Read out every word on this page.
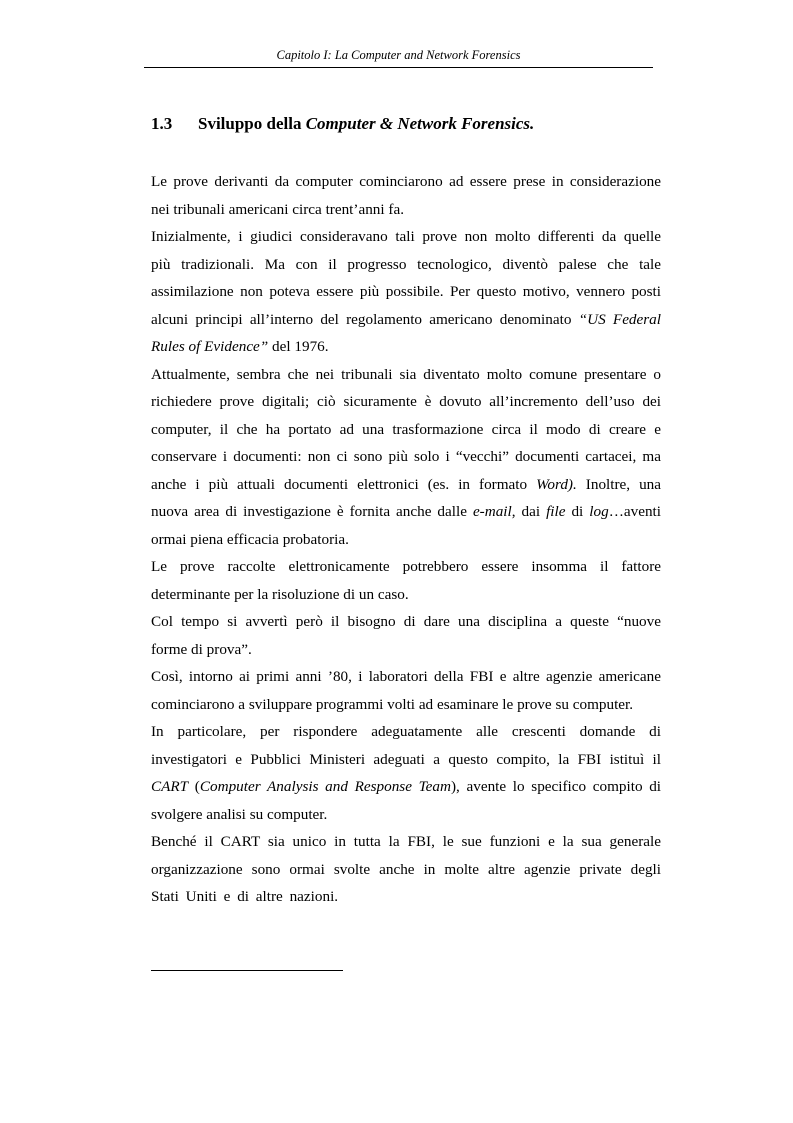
Capitolo I: La Computer and Network Forensics
1.3 Sviluppo della Computer & Network Forensics.

Le prove derivanti da computer cominciarono ad essere prese in considerazione
nei tribunali americani circa trent’anni fa.

Inizialmente, i giudici consideravano tali prove non molto differenti da quelle
più tradizionali. Ma con il progresso tecnologico, diventò palese che tale
assimilazione non poteva essere più possibile. Per questo motivo, vennero posti
alcuni principi all’interno del regolamento americano denominato “US Federal
Rules of Evidence” del 1976.

Attualmente, sembra che nei tribunali sia diventato molto comune presentare o
richiedere prove digitali; ciò sicuramente è dovuto all’incremento dell’uso dei
computer, il che ha portato ad una trasformazione circa il modo di creare e
conservare i documenti: non ci sono più solo i “vecchi” documenti cartacei, ma
anche i più attuali documenti elettronici (es. in formato Word). Inoltre, una
nuova area di investigazione è fornita anche dalle e-mail, dai file di log…aventi
ormai piena efficacia probatoria.

Le prove raccolte elettronicamente potrebbero essere insomma il fattore
determinante per la risoluzione di un caso.

Col tempo si avvertì però il bisogno di dare una disciplina a queste “nuove
forme di prova”.

Così, intorno ai primi anni ’80, i laboratori della FBI e altre agenzie americane
cominciarono a sviluppare programmi volti ad esaminare le prove su computer.

In particolare, per rispondere adeguatamente alle crescenti domande di
investigatori e Pubblici Ministeri adeguati a questo compito, la FBI istituì il
CART (Computer Analysis and Response Team), avente lo specifico compito di
svolgere analisi su computer.

Benché il CART sia unico in tutta la FBI, le sue funzioni e la sua generale
organizzazione sono ormai svolte anche in molte altre agenzie private degli
Stati Uniti e di altre nazioni.
